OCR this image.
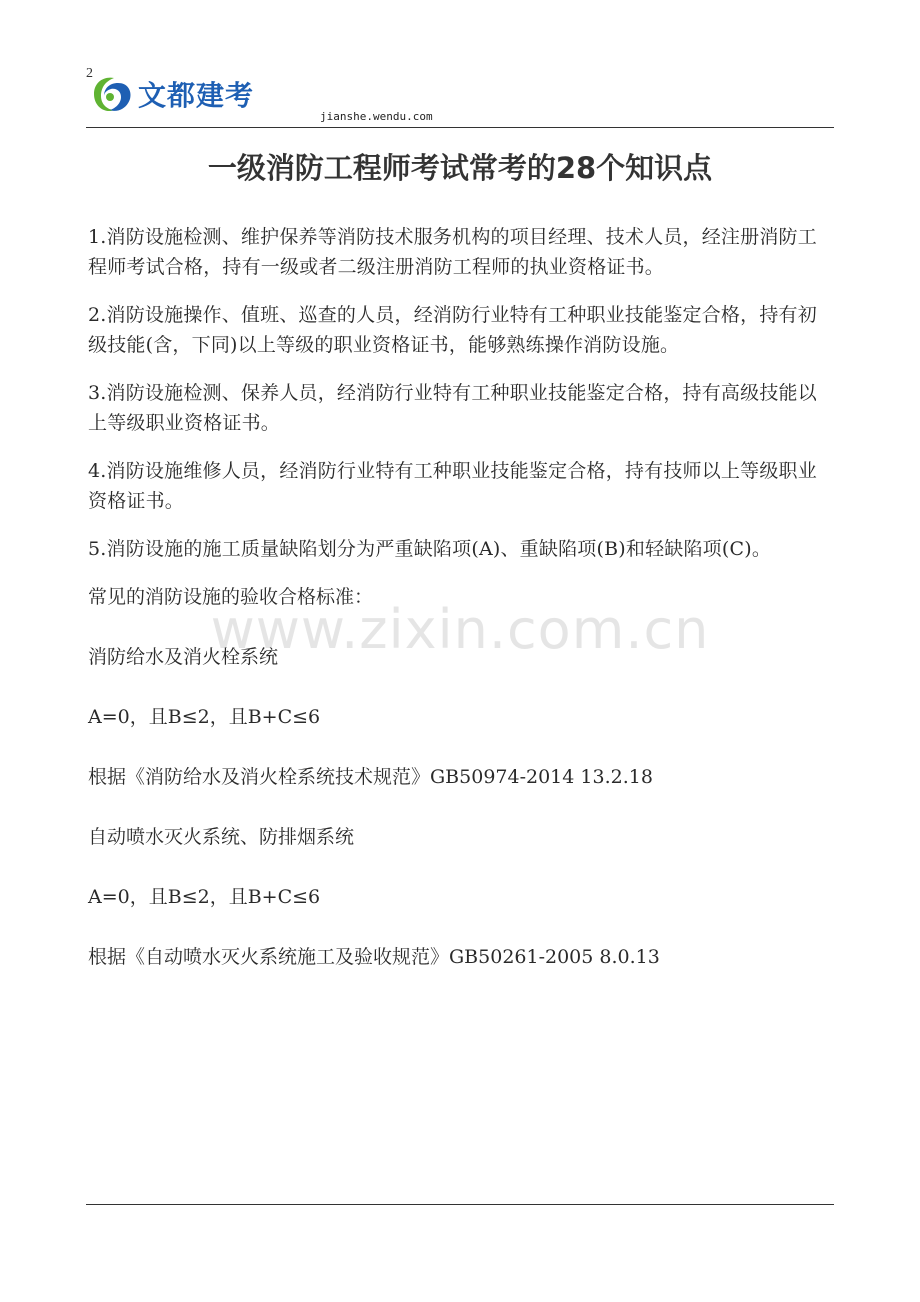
2
文都建考
jianshe.wendu.com
一级消防工程师考试常考的28个知识点

1.消防设施检测、维护保养等消防技术服务机构的项目经理、技术人员，经注册消防工程师考试合格，持有一级或者二级注册消防工程师的执业资格证书。

2.消防设施操作、值班、巡查的人员，经消防行业特有工种职业技能鉴定合格，持有初级技能(含，下同)以上等级的职业资格证书，能够熟练操作消防设施。

3.消防设施检测、保养人员，经消防行业特有工种职业技能鉴定合格，持有高级技能以上等级职业资格证书。

4.消防设施维修人员，经消防行业特有工种职业技能鉴定合格，持有技师以上等级职业资格证书。

5.消防设施的施工质量缺陷划分为严重缺陷项(A)、重缺陷项(B)和轻缺陷项(C)。

常见的消防设施的验收合格标准：

消防给水及消火栓系统

A=0，且B≤2，且B+C≤6

根据《消防给水及消火栓系统技术规范》GB50974-2014 13.2.18

自动喷水灭火系统、防排烟系统

A=0，且B≤2，且B+C≤6

根据《自动喷水灭火系统施工及验收规范》GB50261-2005 8.0.13

www.zixin.com.cn
